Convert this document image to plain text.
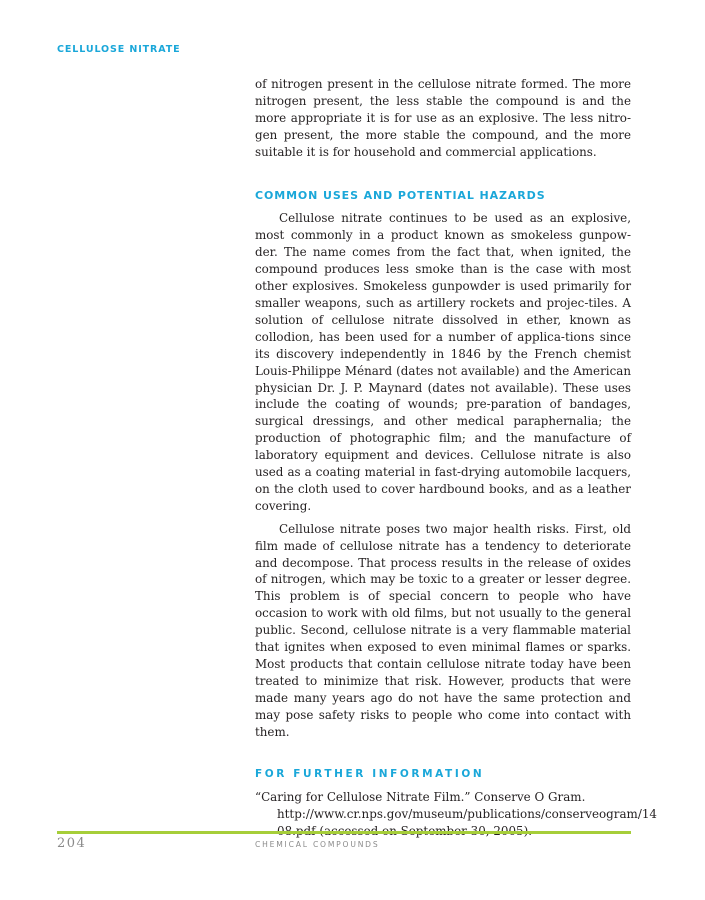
CELLULOSE NITRATE

of nitrogen present in the cellulose nitrate formed. The more nitrogen present, the less stable the compound is and the more appropriate it is for use as an explosive. The less nitro-gen present, the more stable the compound, and the more suitable it is for household and commercial applications.

COMMON USES AND POTENTIAL HAZARDS

Cellulose nitrate continues to be used as an explosive, most commonly in a product known as smokeless gunpow-der. The name comes from the fact that, when ignited, the compound produces less smoke than is the case with most other explosives. Smokeless gunpowder is used primarily for smaller weapons, such as artillery rockets and projec-tiles. A solution of cellulose nitrate dissolved in ether, known as collodion, has been used for a number of applica-tions since its discovery independently in 1846 by the French chemist Louis-Philippe Ménard (dates not available) and the American physician Dr. J. P. Maynard (dates not available). These uses include the coating of wounds; pre-paration of bandages, surgical dressings, and other medical paraphernalia; the production of photographic film; and the manufacture of laboratory equipment and devices. Cellulose nitrate is also used as a coating material in fast-drying automobile lacquers, on the cloth used to cover hardbound books, and as a leather covering.

Cellulose nitrate poses two major health risks. First, old film made of cellulose nitrate has a tendency to deteriorate and decompose. That process results in the release of oxides of nitrogen, which may be toxic to a greater or lesser degree. This problem is of special concern to people who have occasion to work with old films, but not usually to the general public. Second, cellulose nitrate is a very flammable material that ignites when exposed to even minimal flames or sparks. Most products that contain cellulose nitrate today have been treated to minimize that risk. However, products that were made many years ago do not have the same protection and may pose safety risks to people who come into contact with them.

FOR FURTHER INFORMATION

“Caring for Cellulose Nitrate Film.” Conserve O Gram. http://www.cr.nps.gov/museum/publications/conserveogram/14

204	CHEMICAL COMPOUNDS
